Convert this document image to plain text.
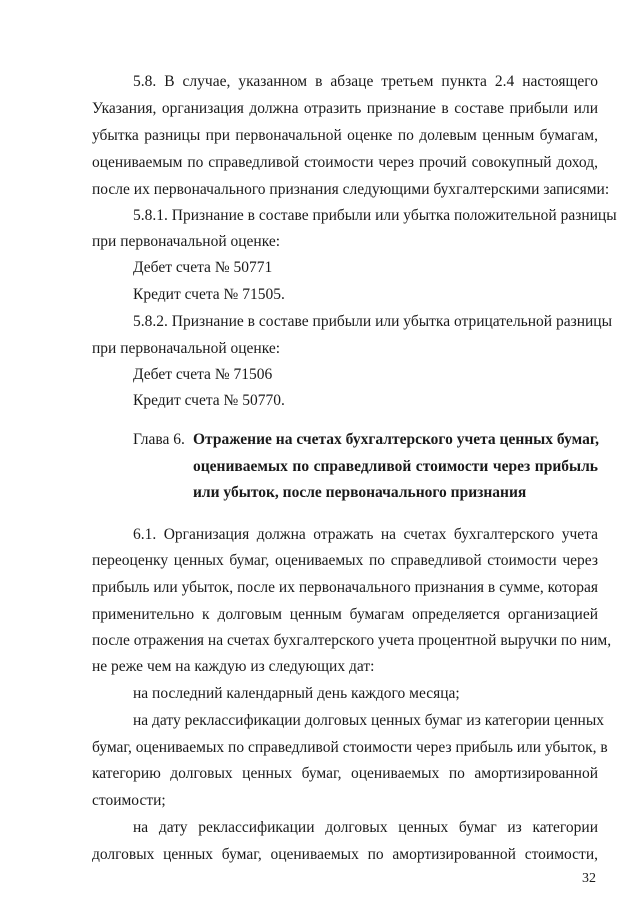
5.8. В случае, указанном в абзаце третьем пункта 2.4 настоящего
Указания, организация должна отразить признание в составе прибыли или
убытка разницы при первоначальной оценке по долевым ценным бумагам,
оцениваемым по справедливой стоимости через прочий совокупный доход,
после их первоначального признания следующими бухгалтерскими записями:
5.8.1. Признание в составе прибыли или убытка положительной разницы
при первоначальной оценке:
Дебет счета № 50771
Кредит счета № 71505.
5.8.2. Признание в составе прибыли или убытка отрицательной разницы
при первоначальной оценке:
Дебет счета № 71506
Кредит счета № 50770.
Глава 6. Отражение на счетах бухгалтерского учета ценных бумаг,
оцениваемых по справедливой стоимости через прибыль
или убыток, после первоначального признания
6.1. Организация должна отражать на счетах бухгалтерского учета
переоценку ценных бумаг, оцениваемых по справедливой стоимости через
прибыль или убыток, после их первоначального признания в сумме, которая
применительно к долговым ценным бумагам определяется организацией
после отражения на счетах бухгалтерского учета процентной выручки по ним,
не реже чем на каждую из следующих дат:
на последний календарный день каждого месяца;
на дату реклассификации долговых ценных бумаг из категории ценных
бумаг, оцениваемых по справедливой стоимости через прибыль или убыток, в
категорию долговых ценных бумаг, оцениваемых по амортизированной
стоимости;
на дату реклассификации долговых ценных бумаг из категории
долговых ценных бумаг, оцениваемых по амортизированной стоимости,
32
